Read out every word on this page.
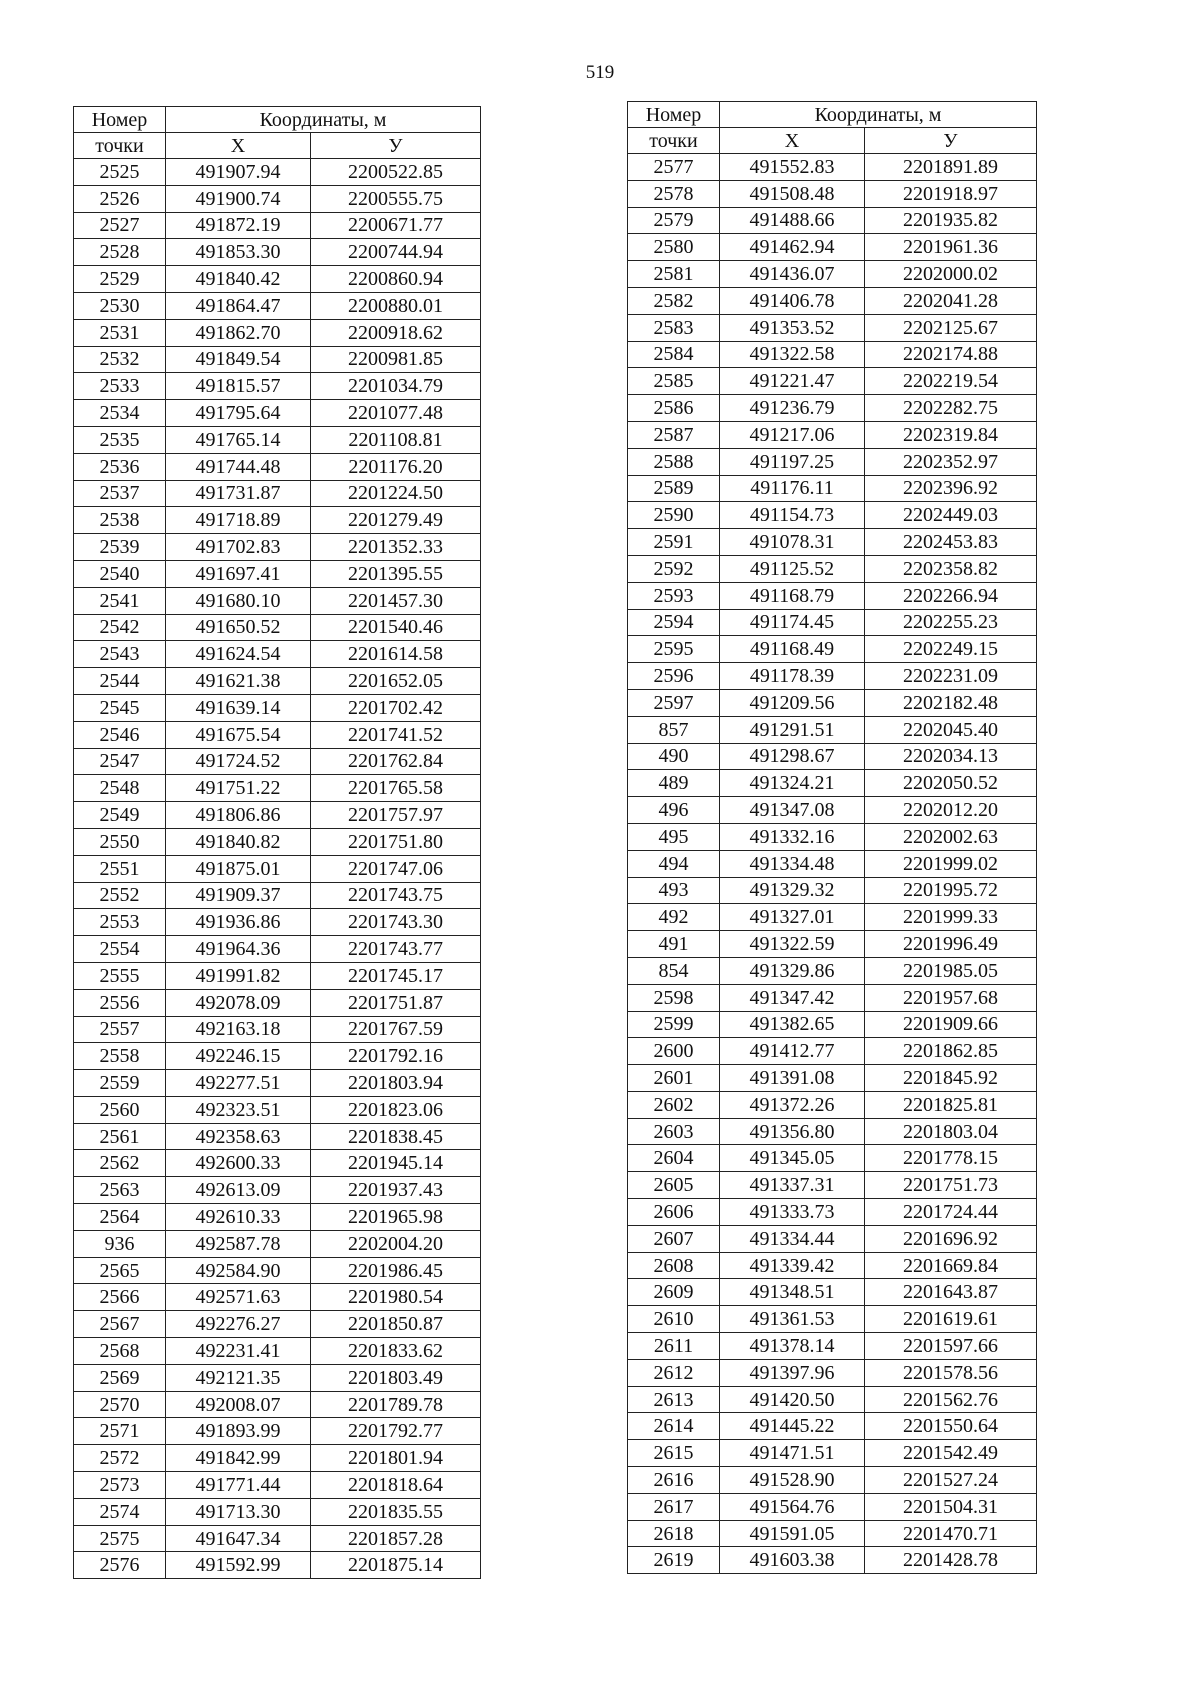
519
Номер	Координаты, м	
точки	Х	У
2525	491907.94	2200522.85
2526	491900.74	2200555.75
2527	491872.19	2200671.77
2528	491853.30	2200744.94
2529	491840.42	2200860.94
2530	491864.47	2200880.01
2531	491862.70	2200918.62
2532	491849.54	2200981.85
2533	491815.57	2201034.79
2534	491795.64	2201077.48
2535	491765.14	2201108.81
2536	491744.48	2201176.20
2537	491731.87	2201224.50
2538	491718.89	2201279.49
2539	491702.83	2201352.33
2540	491697.41	2201395.55
2541	491680.10	2201457.30
2542	491650.52	2201540.46
2543	491624.54	2201614.58
2544	491621.38	2201652.05
2545	491639.14	2201702.42
2546	491675.54	2201741.52
2547	491724.52	2201762.84
2548	491751.22	2201765.58
2549	491806.86	2201757.97
2550	491840.82	2201751.80
2551	491875.01	2201747.06
2552	491909.37	2201743.75
2553	491936.86	2201743.30
2554	491964.36	2201743.77
2555	491991.82	2201745.17
2556	492078.09	2201751.87
2557	492163.18	2201767.59
2558	492246.15	2201792.16
2559	492277.51	2201803.94
2560	492323.51	2201823.06
2561	492358.63	2201838.45
2562	492600.33	2201945.14
2563	492613.09	2201937.43
2564	492610.33	2201965.98
936	492587.78	2202004.20
2565	492584.90	2201986.45
2566	492571.63	2201980.54
2567	492276.27	2201850.87
2568	492231.41	2201833.62
2569	492121.35	2201803.49
2570	492008.07	2201789.78
2571	491893.99	2201792.77
2572	491842.99	2201801.94
2573	491771.44	2201818.64
2574	491713.30	2201835.55
2575	491647.34	2201857.28
2576	491592.99	2201875.14
Номер	Координаты, м	
точки	Х	У
2577	491552.83	2201891.89
2578	491508.48	2201918.97
2579	491488.66	2201935.82
2580	491462.94	2201961.36
2581	491436.07	2202000.02
2582	491406.78	2202041.28
2583	491353.52	2202125.67
2584	491322.58	2202174.88
2585	491221.47	2202219.54
2586	491236.79	2202282.75
2587	491217.06	2202319.84
2588	491197.25	2202352.97
2589	491176.11	2202396.92
2590	491154.73	2202449.03
2591	491078.31	2202453.83
2592	491125.52	2202358.82
2593	491168.79	2202266.94
2594	491174.45	2202255.23
2595	491168.49	2202249.15
2596	491178.39	2202231.09
2597	491209.56	2202182.48
857	491291.51	2202045.40
490	491298.67	2202034.13
489	491324.21	2202050.52
496	491347.08	2202012.20
495	491332.16	2202002.63
494	491334.48	2201999.02
493	491329.32	2201995.72
492	491327.01	2201999.33
491	491322.59	2201996.49
854	491329.86	2201985.05
2598	491347.42	2201957.68
2599	491382.65	2201909.66
2600	491412.77	2201862.85
2601	491391.08	2201845.92
2602	491372.26	2201825.81
2603	491356.80	2201803.04
2604	491345.05	2201778.15
2605	491337.31	2201751.73
2606	491333.73	2201724.44
2607	491334.44	2201696.92
2608	491339.42	2201669.84
2609	491348.51	2201643.87
2610	491361.53	2201619.61
2611	491378.14	2201597.66
2612	491397.96	2201578.56
2613	491420.50	2201562.76
2614	491445.22	2201550.64
2615	491471.51	2201542.49
2616	491528.90	2201527.24
2617	491564.76	2201504.31
2618	491591.05	2201470.71
2619	491603.38	2201428.78
